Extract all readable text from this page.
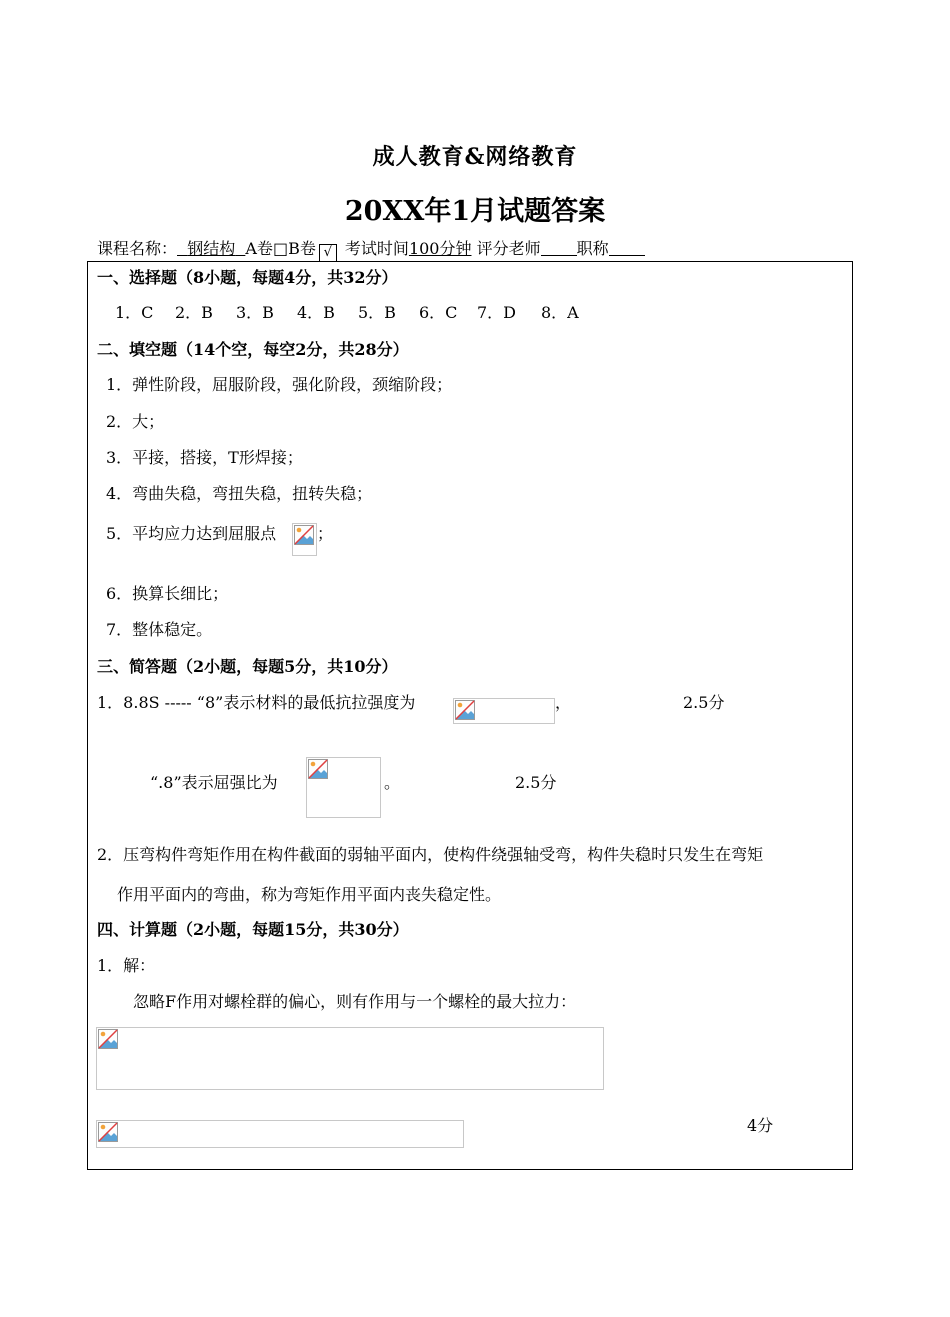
成人教育&网络教育
20XX年1月试题答案
课程名称： 钢结构 A卷□B卷 √ 考试时间100分钟 评分老师 职称
一、选择题（8小题，每题4分，共32分）
1．C 2．B 3．B 4．B 5．B 6．C 7．D 8．A
二、填空题（14个空，每空2分，共28分）
1．弹性阶段，屈服阶段，强化阶段，颈缩阶段；
2．大；
3．平接，搭接，T形焊接；
4．弯曲失稳，弯扭失稳，扭转失稳；
5．平均应力达到屈服点	；
6．换算长细比；
7．整体稳定。
三、简答题（2小题，每题5分，共10分）
1．8.8S ----- “8”表示材料的最低抗拉强度为	，	2.5分
“.8”表示屈强比为	。	2.5分
2．压弯构件弯矩作用在构件截面的弱轴平面内，使构件绕强轴受弯，构件失稳时只发生在弯矩
作用平面内的弯曲，称为弯矩作用平面内丧失稳定性。
四、计算题（2小题，每题15分，共30分）
1．解：
忽略F作用对螺栓群的偏心，则有作用与一个螺栓的最大拉力：
4分
